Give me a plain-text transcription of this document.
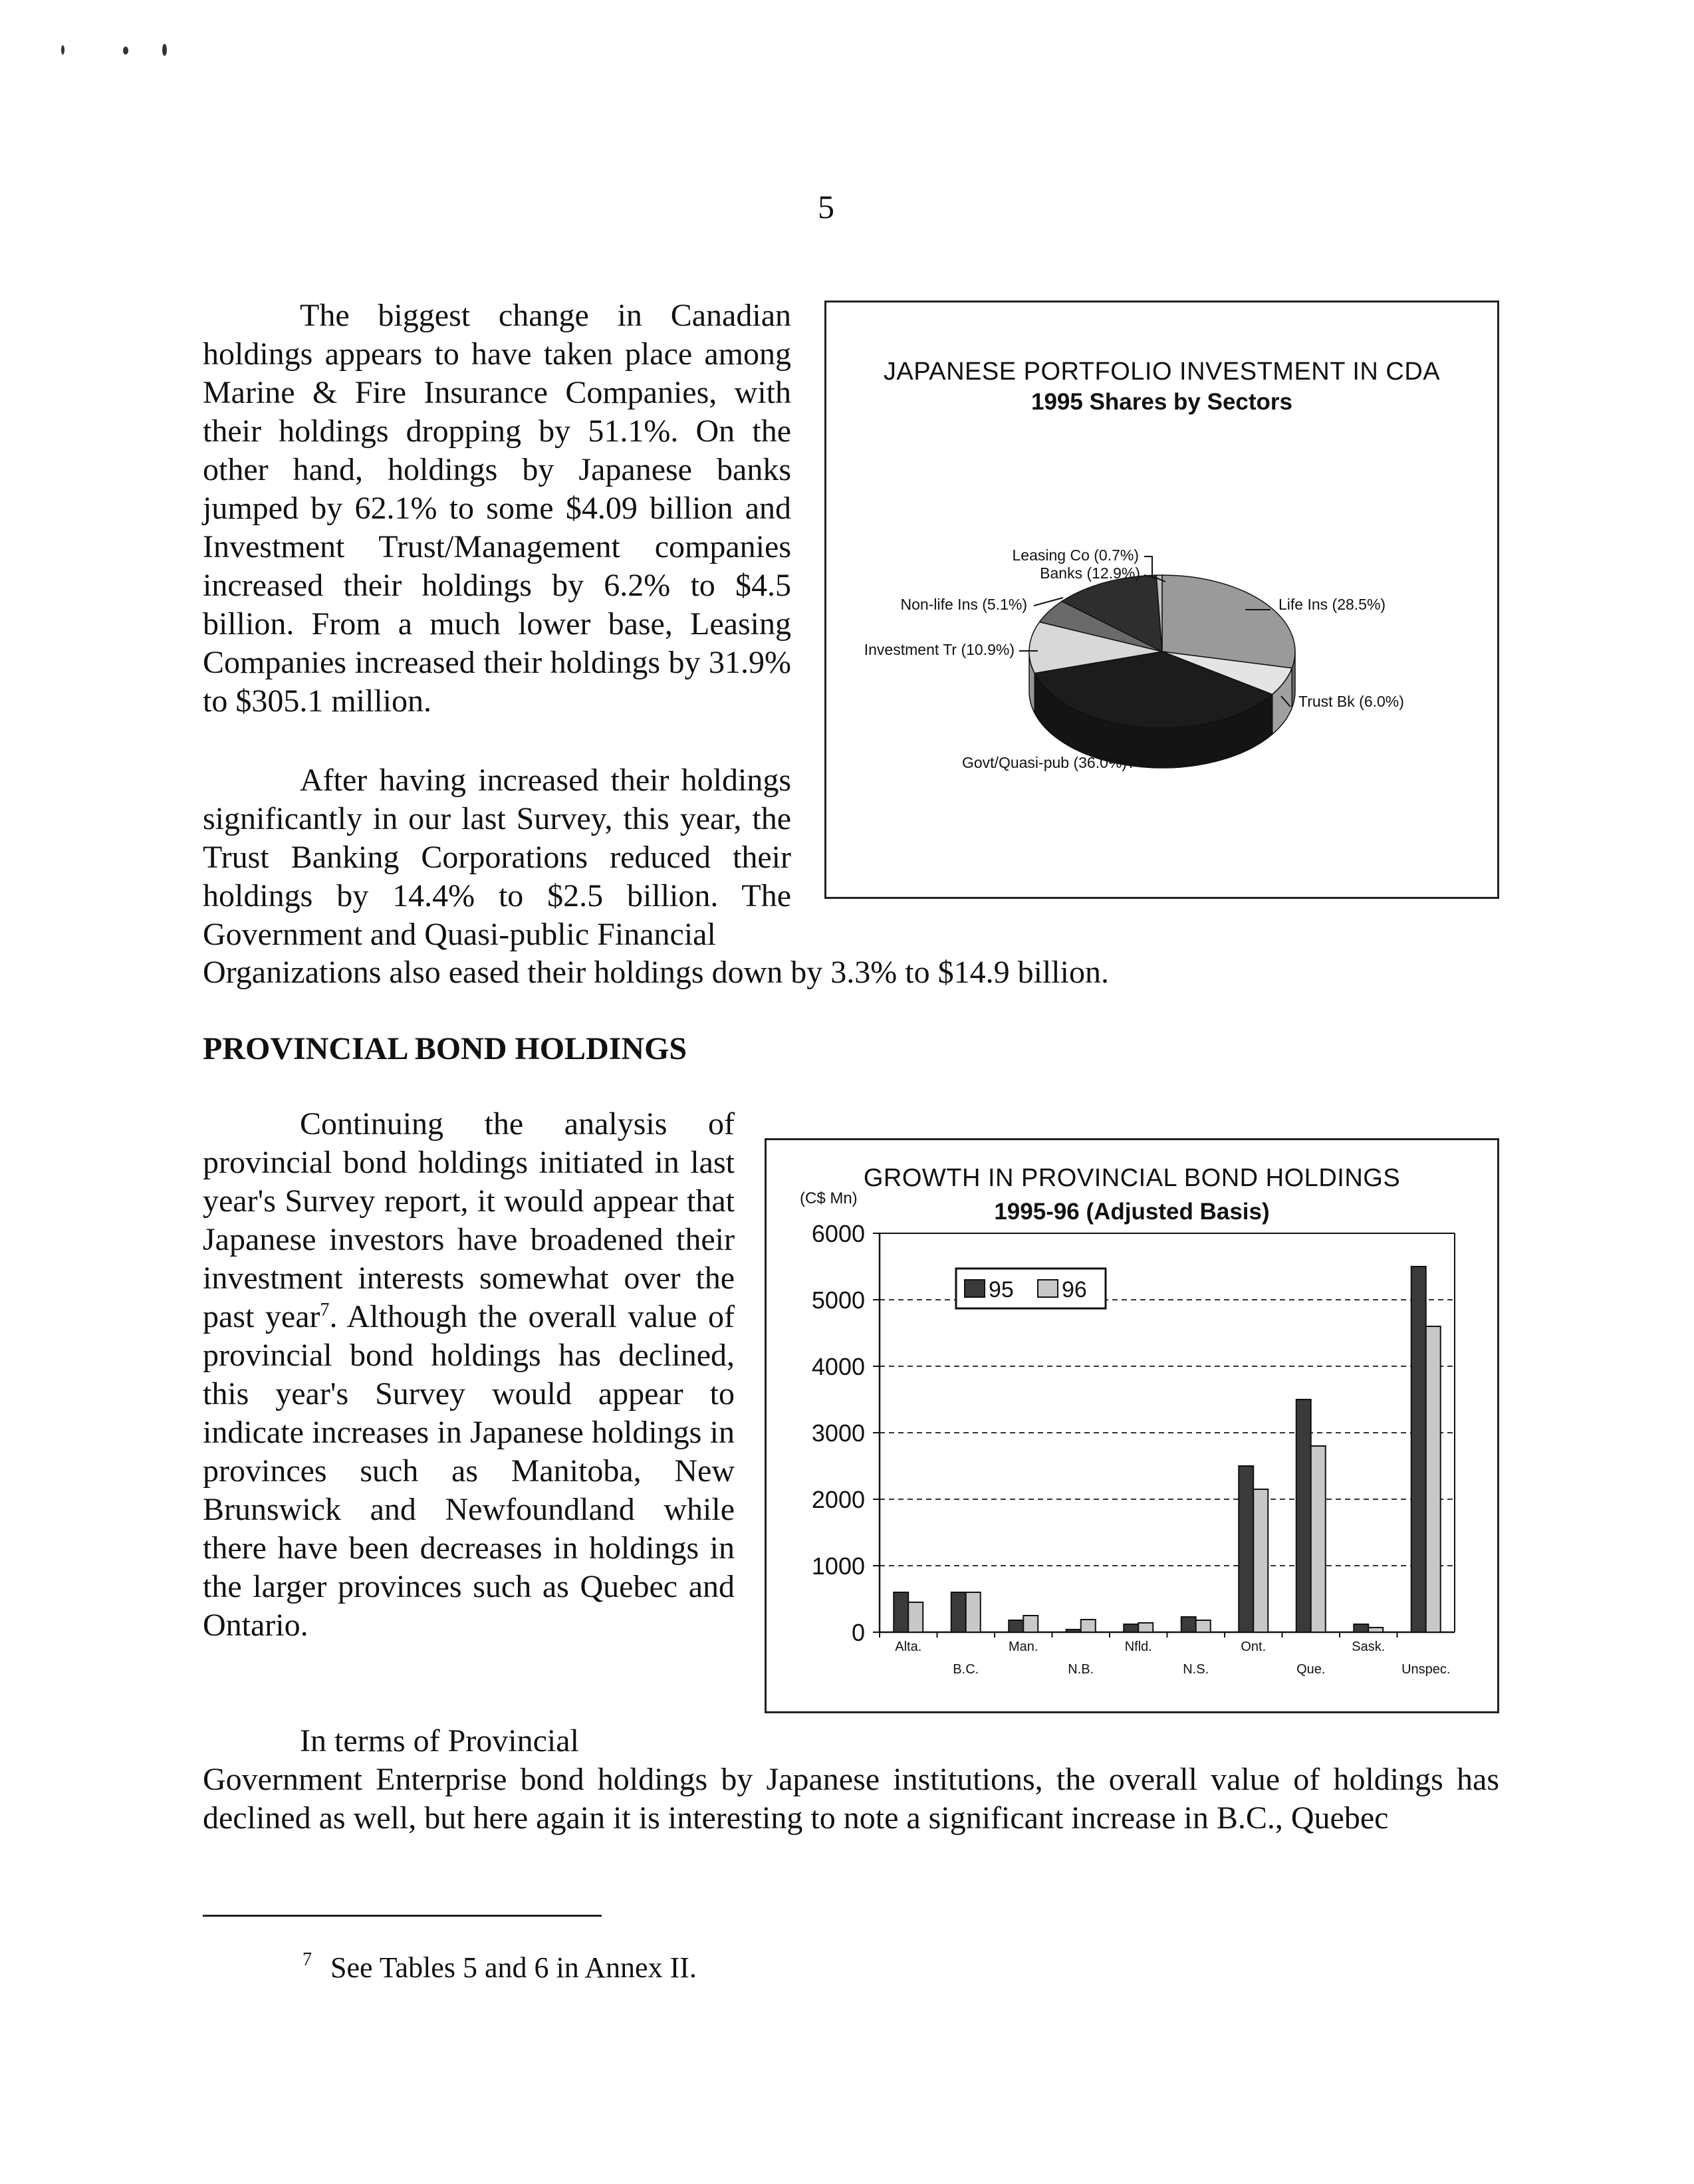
5

The biggest change in Canadian holdings appears to have taken place among Marine & Fire Insurance Companies, with their holdings dropping by 51.1%. On the other hand, holdings by Japanese banks jumped by 62.1% to some $4.09 billion and Investment Trust/Management companies increased their holdings by 6.2% to $4.5 billion. From a much lower base, Leasing Companies increased their holdings by 31.9% to $305.1 million.

After having increased their holdings significantly in our last Survey, this year, the Trust Banking Corporations reduced their holdings by 14.4% to $2.5 billion. The Government and Quasi-public Financial

Organizations also eased their holdings down by 3.3% to $14.9 billion.

JAPANESE PORTFOLIO INVESTMENT IN CDA
1995 Shares by Sectors
Life Ins (28.5%)
Trust Bk (6.0%)
Govt/Quasi-pub (36.0%)
Investment Tr (10.9%)
Non-life Ins (5.1%)
Banks (12.9%)
Leasing Co (0.7%)
PROVINCIAL BOND HOLDINGS

Continuing the analysis of provincial bond holdings initiated in last year's Survey report, it would appear that Japanese investors have broadened their investment interests somewhat over the past year$^7$. Although the overall value of provincial bond holdings has declined, this year's Survey would appear to indicate increases in Japanese holdings in provinces such as Manitoba, New Brunswick and Newfoundland while there have been decreases in holdings in the larger provinces such as Quebec and Ontario.

GROWTH IN PROVINCIAL BOND HOLDINGS
1995-96 (Adjusted Basis)
(C$ Mn)
6000
5000
4000
3000
2000
1000
0
Alta.
B.C.
Man.
N.B.
Nfld.
N.S.
Ont.
Que.
Sask.
Unspec.
95 96

In terms of Provincial
Government Enterprise bond holdings by Japanese institutions, the overall value of holdings has declined as well, but here again it is interesting to note a significant increase in B.C., Quebec

$^7$ See Tables 5 and 6 in Annex II.
